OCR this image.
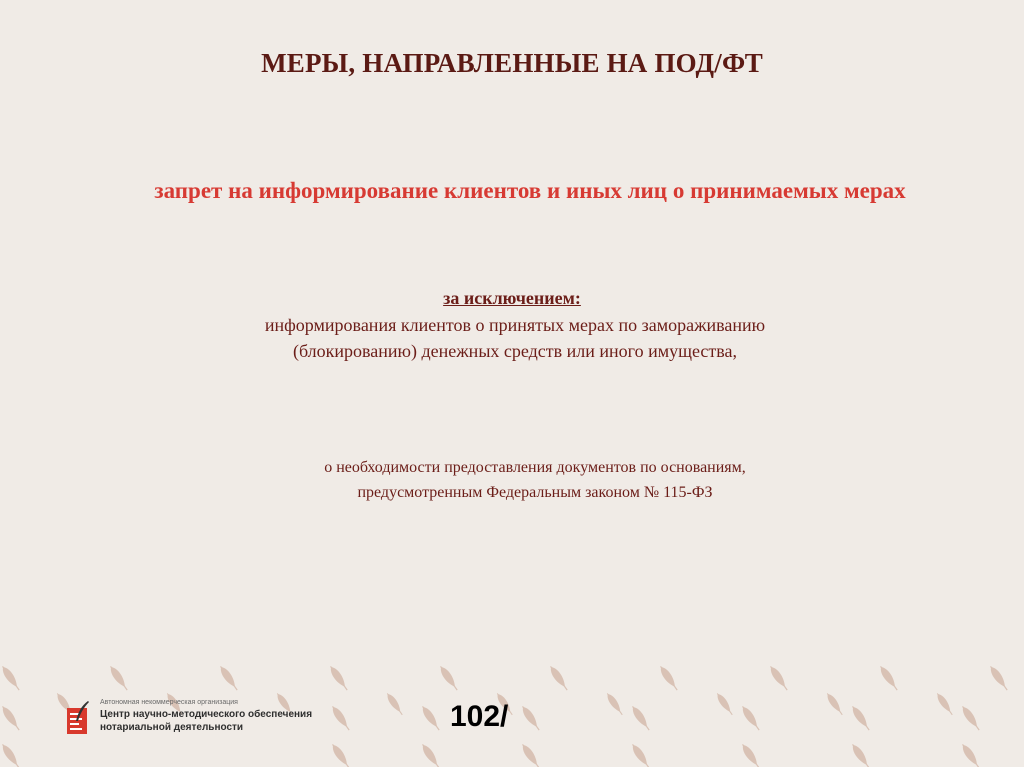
МЕРЫ, НАПРАВЛЕННЫЕ НА ПОД/ФТ
запрет на информирование клиентов и иных лиц о принимаемых мерах
за исключением:
информирования клиентов о принятых мерах по замораживанию
(блокированию) денежных средств или иного имущества,
о необходимости предоставления документов по основаниям,
предусмотренным Федеральным законом № 115-ФЗ
Автономная некоммерческая организация
Центр научно-методического обеспечения
нотариальной деятельности	102/
